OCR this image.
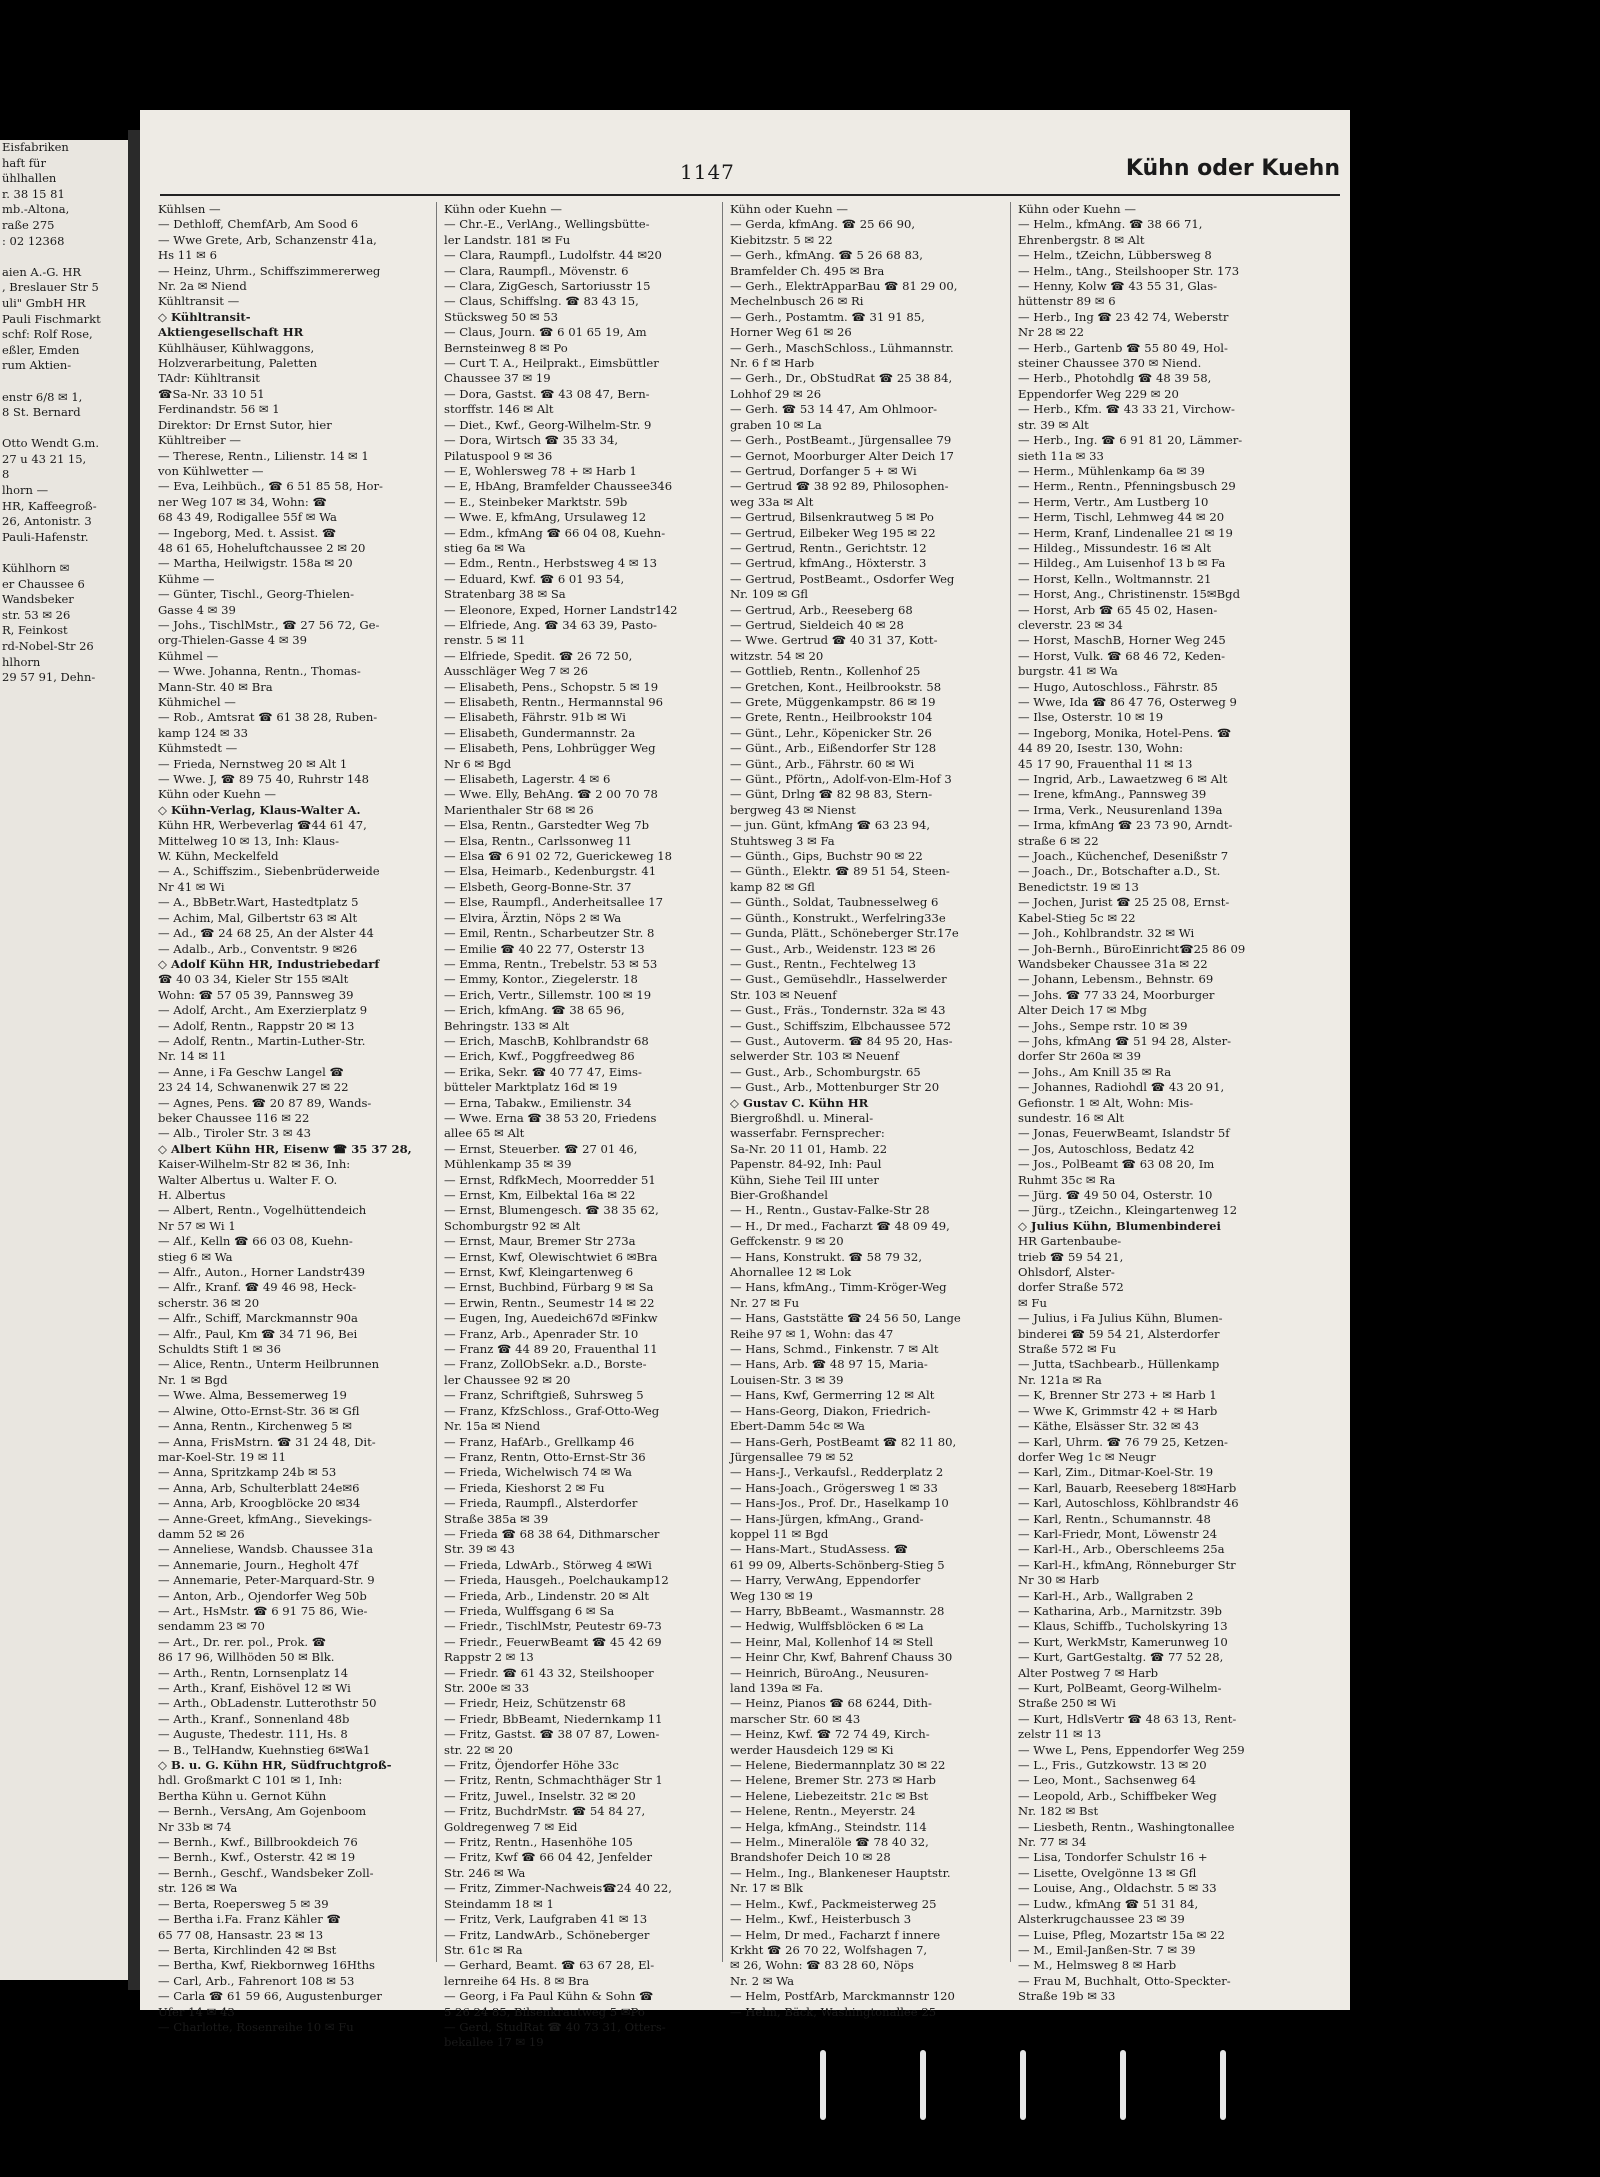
Eisfabriken
haft für
ühlhallen
r. 38 15 81
mb.-Altona,
raße 275
: 02 12368

aien A.-G. HR
, Breslauer Str 5
uli" GmbH HR
Pauli Fischmarkt
schf: Rolf Rose,
eßler, Emden
rum Aktien-

enstr 6/8 ✉ 1,
8 St. Bernard

Otto Wendt G.m.
27 u 43 21 15,
8
lhorn —
HR, Kaffeegroß-
26, Antonistr. 3
Pauli-Hafenstr.

Kühlhorn ✉
er Chaussee 6
Wandsbeker
str. 53 ✉ 26
R, Feinkost
rd-Nobel-Str 26
hlhorn
29 57 91, Dehn-
1147	Kühn oder Kuehn
Kühlsen —
— Dethloff, ChemfArb, Am Sood 6
— Wwe Grete, Arb, Schanzenstr 41a,
Hs 11 ✉ 6
— Heinz, Uhrm., Schiffszimmererweg
Nr. 2a ✉ Niend
Kühltransit —
◇ Kühltransit-
Aktiengesellschaft HR
Kühlhäuser, Kühlwaggons,
Holzverarbeitung, Paletten
TAdr: Kühltransit
☎Sa-Nr. 33 10 51
Ferdinandstr. 56 ✉ 1
Direktor: Dr Ernst Sutor, hier
Kühltreiber —
— Therese, Rentn., Lilienstr. 14 ✉ 1
von Kühlwetter —
— Eva, Leihbüch., ☎ 6 51 85 58, Hor-
ner Weg 107 ✉ 34, Wohn: ☎
68 43 49, Rodigallee 55f ✉ Wa
— Ingeborg, Med. t. Assist. ☎
48 61 65, Hoheluftchaussee 2 ✉ 20
— Martha, Heilwigstr. 158a ✉ 20
Kühme —
— Günter, Tischl., Georg-Thielen-
Gasse 4 ✉ 39
— Johs., TischlMstr., ☎ 27 56 72, Ge-
org-Thielen-Gasse 4 ✉ 39
Kühmel —
— Wwe. Johanna, Rentn., Thomas-
Mann-Str. 40 ✉ Bra
Kühmichel —
— Rob., Amtsrat ☎ 61 38 28, Ruben-
kamp 124 ✉ 33
Kühmstedt —
— Frieda, Nernstweg 20 ✉ Alt 1
— Wwe. J, ☎ 89 75 40, Ruhrstr 148
Kühn oder Kuehn —
◇ Kühn-Verlag, Klaus-Walter A.
Kühn HR, Werbeverlag ☎44 61 47,
Mittelweg 10 ✉ 13, Inh: Klaus-
W. Kühn, Meckelfeld
— A., Schiffszim., Siebenbrüderweide
Nr 41 ✉ Wi
— A., BbBetr.Wart, Hastedtplatz 5
— Achim, Mal, Gilbertstr 63 ✉ Alt
— Ad., ☎ 24 68 25, An der Alster 44
— Adalb., Arb., Conventstr. 9 ✉26
◇ Adolf Kühn HR, Industriebedarf
☎ 40 03 34, Kieler Str 155 ✉Alt
Wohn: ☎ 57 05 39, Pannsweg 39
— Adolf, Archt., Am Exerzierplatz 9
— Adolf, Rentn., Rappstr 20 ✉ 13
— Adolf, Rentn., Martin-Luther-Str.
Nr. 14 ✉ 11
— Anne, i Fa Geschw Langel ☎
23 24 14, Schwanenwik 27 ✉ 22
— Agnes, Pens. ☎ 20 87 89, Wands-
beker Chaussee 116 ✉ 22
— Alb., Tiroler Str. 3 ✉ 43
◇ Albert Kühn HR, Eisenw ☎ 35 37 28,
Kaiser-Wilhelm-Str 82 ✉ 36, Inh:
Walter Albertus u. Walter F. O.
H. Albertus
— Albert, Rentn., Vogelhüttendeich
Nr 57 ✉ Wi 1
— Alf., Kelln ☎ 66 03 08, Kuehn-
stieg 6 ✉ Wa
— Alfr., Auton., Horner Landstr439
— Alfr., Kranf. ☎ 49 46 98, Heck-
scherstr. 36 ✉ 20
— Alfr., Schiff, Marckmannstr 90a
— Alfr., Paul, Km ☎ 34 71 96, Bei
Schuldts Stift 1 ✉ 36
— Alice, Rentn., Unterm Heilbrunnen
Nr. 1 ✉ Bgd
— Wwe. Alma, Bessemerweg 19
— Alwine, Otto-Ernst-Str. 36 ✉ Gfl
— Anna, Rentn., Kirchenweg 5 ✉
— Anna, FrisMstrn. ☎ 31 24 48, Dit-
mar-Koel-Str. 19 ✉ 11
— Anna, Spritzkamp 24b ✉ 53
— Anna, Arb, Schulterblatt 24e✉6
— Anna, Arb, Kroogblöcke 20 ✉34
— Anne-Greet, kfmAng., Sievekings-
damm 52 ✉ 26
— Anneliese, Wandsb. Chaussee 31a
— Annemarie, Journ., Hegholt 47f
— Annemarie, Peter-Marquard-Str. 9
— Anton, Arb., Ojendorfer Weg 50b
— Art., HsMstr. ☎ 6 91 75 86, Wie-
sendamm 23 ✉ 70
— Art., Dr. rer. pol., Prok. ☎
86 17 96, Willhöden 50 ✉ Blk.
— Arth., Rentn, Lornsenplatz 14
— Arth., Kranf, Eishövel 12 ✉ Wi
— Arth., ObLadenstr. Lutterothstr 50
— Arth., Kranf., Sonnenland 48b
— Auguste, Thedestr. 111, Hs. 8
— B., TelHandw, Kuehnstieg 6✉Wa1
◇ B. u. G. Kühn HR, Südfruchtgroß-
hdl. Großmarkt C 101 ✉ 1, Inh:
Bertha Kühn u. Gernot Kühn
— Bernh., VersAng, Am Gojenboom
Nr 33b ✉ 74
— Bernh., Kwf., Billbrookdeich 76
— Bernh., Kwf., Osterstr. 42 ✉ 19
— Bernh., Geschf., Wandsbeker Zoll-
str. 126 ✉ Wa
— Berta, Roepersweg 5 ✉ 39
— Bertha i.Fa. Franz Kähler ☎
65 77 08, Hansastr. 23 ✉ 13
— Berta, Kirchlinden 42 ✉ Bst
— Bertha, Kwf, Riekbornweg 16Hths
— Carl, Arb., Fahrenort 108 ✉ 53
— Carla ☎ 61 59 66, Augustenburger
Ufer 14 ✉ 43
— Charlotte, Rosenreihe 10 ✉ Fu
Kühn oder Kuehn —
— Chr.-E., VerlAng., Wellingsbütte-
ler Landstr. 181 ✉ Fu
— Clara, Raumpfl., Ludolfstr. 44 ✉20
— Clara, Raumpfl., Mövenstr. 6
— Clara, ZigGesch, Sartoriusstr 15
— Claus, Schiffslng. ☎ 83 43 15,
Stücksweg 50 ✉ 53
— Claus, Journ. ☎ 6 01 65 19, Am
Bernsteinweg 8 ✉ Po
— Curt T. A., Heilprakt., Eimsbüttler
Chaussee 37 ✉ 19
— Dora, Gastst. ☎ 43 08 47, Bern-
storffstr. 146 ✉ Alt
— Diet., Kwf., Georg-Wilhelm-Str. 9
— Dora, Wirtsch ☎ 35 33 34,
Pilatuspool 9 ✉ 36
— E, Wohlersweg 78 + ✉ Harb 1
— E, HbAng, Bramfelder Chaussee346
— E., Steinbeker Marktstr. 59b
— Wwe. E, kfmAng, Ursulaweg 12
— Edm., kfmAng ☎ 66 04 08, Kuehn-
stieg 6a ✉ Wa
— Edm., Rentn., Herbstsweg 4 ✉ 13
— Eduard, Kwf. ☎ 6 01 93 54,
Stratenbarg 38 ✉ Sa
— Eleonore, Exped, Horner Landstr142
— Elfriede, Ang. ☎ 34 63 39, Pasto-
renstr. 5 ✉ 11
— Elfriede, Spedit. ☎ 26 72 50,
Ausschläger Weg 7 ✉ 26
— Elisabeth, Pens., Schopstr. 5 ✉ 19
— Elisabeth, Rentn., Hermannstal 96
— Elisabeth, Fährstr. 91b ✉ Wi
— Elisabeth, Gundermannstr. 2a
— Elisabeth, Pens, Lohbrügger Weg
Nr 6 ✉ Bgd
— Elisabeth, Lagerstr. 4 ✉ 6
— Wwe. Elly, BehAng. ☎ 2 00 70 78
Marienthaler Str 68 ✉ 26
— Elsa, Rentn., Garstedter Weg 7b
— Elsa, Rentn., Carlssonweg 11
— Elsa ☎ 6 91 02 72, Guerickeweg 18
— Elsa, Heimarb., Kedenburgstr. 41
— Elsbeth, Georg-Bonne-Str. 37
— Else, Raumpfl., Anderheitsallee 17
— Elvira, Ärztin, Nöps 2 ✉ Wa
— Emil, Rentn., Scharbeutzer Str. 8
— Emilie ☎ 40 22 77, Osterstr 13
— Emma, Rentn., Trebelstr. 53 ✉ 53
— Emmy, Kontor., Ziegelerstr. 18
— Erich, Vertr., Sillemstr. 100 ✉ 19
— Erich, kfmAng. ☎ 38 65 96,
Behringstr. 133 ✉ Alt
— Erich, MaschB, Kohlbrandstr 68
— Erich, Kwf., Poggfreedweg 86
— Erika, Sekr. ☎ 40 77 47, Eims-
bütteler Marktplatz 16d ✉ 19
— Erna, Tabakw., Emilienstr. 34
— Wwe. Erna ☎ 38 53 20, Friedens
allee 65 ✉ Alt
— Ernst, Steuerber. ☎ 27 01 46,
Mühlenkamp 35 ✉ 39
— Ernst, RdfkMech, Moorredder 51
— Ernst, Km, Eilbektal 16a ✉ 22
— Ernst, Blumengesch. ☎ 38 35 62,
Schomburgstr 92 ✉ Alt
— Ernst, Maur, Bremer Str 273a
— Ernst, Kwf, Olewischtwiet 6 ✉Bra
— Ernst, Kwf, Kleingartenweg 6
— Ernst, Buchbind, Fürbarg 9 ✉ Sa
— Erwin, Rentn., Seumestr 14 ✉ 22
— Eugen, Ing, Auedeich67d ✉Finkw
— Franz, Arb., Apenrader Str. 10
— Franz ☎ 44 89 20, Frauenthal 11
— Franz, ZollObSekr. a.D., Borste-
ler Chaussee 92 ✉ 20
— Franz, Schriftgieß, Suhrsweg 5
— Franz, KfzSchloss., Graf-Otto-Weg
Nr. 15a ✉ Niend
— Franz, HafArb., Grellkamp 46
— Franz, Rentn, Otto-Ernst-Str 36
— Frieda, Wichelwisch 74 ✉ Wa
— Frieda, Kieshorst 2 ✉ Fu
— Frieda, Raumpfl., Alsterdorfer
Straße 385a ✉ 39
— Frieda ☎ 68 38 64, Dithmarscher
Str. 39 ✉ 43
— Frieda, LdwArb., Störweg 4 ✉Wi
— Frieda, Hausgeh., Poelchaukamp12
— Frieda, Arb., Lindenstr. 20 ✉ Alt
— Frieda, Wulffsgang 6 ✉ Sa
— Friedr., TischlMstr, Peutestr 69-73
— Friedr., FeuerwBeamt ☎ 45 42 69
Rappstr 2 ✉ 13
— Friedr. ☎ 61 43 32, Steilshooper
Str. 200e ✉ 33
— Friedr, Heiz, Schützenstr 68
— Friedr, BbBeamt, Niedernkamp 11
— Fritz, Gastst. ☎ 38 07 87, Lowen-
str. 22 ✉ 20
— Fritz, Öjendorfer Höhe 33c
— Fritz, Rentn, Schmachthäger Str 1
— Fritz, Juwel., Inselstr. 32 ✉ 20
— Fritz, BuchdrMstr. ☎ 54 84 27,
Goldregenweg 7 ✉ Eid
— Fritz, Rentn., Hasenhöhe 105
— Fritz, Kwf ☎ 66 04 42, Jenfelder
Str. 246 ✉ Wa
— Fritz, Zimmer-Nachweis☎24 40 22,
Steindamm 18 ✉ 1
— Fritz, Verk, Laufgraben 41 ✉ 13
— Fritz, LandwArb., Schöneberger
Str. 61c ✉ Ra
— Gerhard, Beamt. ☎ 63 67 28, El-
lernreihe 64 Hs. 8 ✉ Bra
— Georg, i Fa Paul Kühn & Sohn ☎
5 26 24 85, Bilsenkrautweg 5 ✉Po
— Gerd, StudRat ☎ 40 73 31, Otters-
bekallee 17 ✉ 19
Kühn oder Kuehn —
— Gerda, kfmAng. ☎ 25 66 90,
Kiebitzstr. 5 ✉ 22
— Gerh., kfmAng. ☎ 5 26 68 83,
Bramfelder Ch. 495 ✉ Bra
— Gerh., ElektrApparBau ☎ 81 29 00,
Mechelnbusch 26 ✉ Ri
— Gerh., Postamtm. ☎ 31 91 85,
Horner Weg 61 ✉ 26
— Gerh., MaschSchloss., Lühmannstr.
Nr. 6 f ✉ Harb
— Gerh., Dr., ObStudRat ☎ 25 38 84,
Lohhof 29 ✉ 26
— Gerh. ☎ 53 14 47, Am Ohlmoor-
graben 10 ✉ La
— Gerh., PostBeamt., Jürgensallee 79
— Gernot, Moorburger Alter Deich 17
— Gertrud, Dorfanger 5 + ✉ Wi
— Gertrud ☎ 38 92 89, Philosophen-
weg 33a ✉ Alt
— Gertrud, Bilsenkrautweg 5 ✉ Po
— Gertrud, Eilbeker Weg 195 ✉ 22
— Gertrud, Rentn., Gerichtstr. 12
— Gertrud, kfmAng., Höxterstr. 3
— Gertrud, PostBeamt., Osdorfer Weg
Nr. 109 ✉ Gfl
— Gertrud, Arb., Reeseberg 68
— Gertrud, Sieldeich 40 ✉ 28
— Wwe. Gertrud ☎ 40 31 37, Kott-
witzstr. 54 ✉ 20
— Gottlieb, Rentn., Kollenhof 25
— Gretchen, Kont., Heilbrookstr. 58
— Grete, Müggenkampstr. 86 ✉ 19
— Grete, Rentn., Heilbrookstr 104
— Günt., Lehr., Köpenicker Str. 26
— Günt., Arb., Eißendorfer Str 128
— Günt., Arb., Fährstr. 60 ✉ Wi
— Günt., Pförtn,, Adolf-von-Elm-Hof 3
— Günt, Drlng ☎ 82 98 83, Stern-
bergweg 43 ✉ Nienst
— jun. Günt, kfmAng ☎ 63 23 94,
Stuhtsweg 3 ✉ Fa
— Günth., Gips, Buchstr 90 ✉ 22
— Günth., Elektr. ☎ 89 51 54, Steen-
kamp 82 ✉ Gfl
— Günth., Soldat, Taubnesselweg 6
— Günth., Konstrukt., Werfelring33e
— Gunda, Plätt., Schöneberger Str.17e
— Gust., Arb., Weidenstr. 123 ✉ 26
— Gust., Rentn., Fechtelweg 13
— Gust., Gemüsehdlr., Hasselwerder
Str. 103 ✉ Neuenf
— Gust., Fräs., Tondernstr. 32a ✉ 43
— Gust., Schiffszim, Elbchaussee 572
— Gust., Autoverm. ☎ 84 95 20, Has-
selwerder Str. 103 ✉ Neuenf
— Gust., Arb., Schomburgstr. 65
— Gust., Arb., Mottenburger Str 20
◇ Gustav C. Kühn HR
Biergroßhdl. u. Mineral-
wasserfabr. Fernsprecher:
Sa-Nr. 20 11 01, Hamb. 22
Papenstr. 84-92, Inh: Paul
Kühn, Siehe Teil III unter
Bier-Großhandel
— H., Rentn., Gustav-Falke-Str 28
— H., Dr med., Facharzt ☎ 48 09 49,
Geffckenstr. 9 ✉ 20
— Hans, Konstrukt. ☎ 58 79 32,
Ahornallee 12 ✉ Lok
— Hans, kfmAng., Timm-Kröger-Weg
Nr. 27 ✉ Fu
— Hans, Gaststätte ☎ 24 56 50, Lange
Reihe 97 ✉ 1, Wohn: das 47
— Hans, Schmd., Finkenstr. 7 ✉ Alt
— Hans, Arb. ☎ 48 97 15, Maria-
Louisen-Str. 3 ✉ 39
— Hans, Kwf, Germerring 12 ✉ Alt
— Hans-Georg, Diakon, Friedrich-
Ebert-Damm 54c ✉ Wa
— Hans-Gerh, PostBeamt ☎ 82 11 80,
Jürgensallee 79 ✉ 52
— Hans-J., Verkaufsl., Redderplatz 2
— Hans-Joach., Grögersweg 1 ✉ 33
— Hans-Jos., Prof. Dr., Haselkamp 10
— Hans-Jürgen, kfmAng., Grand-
koppel 11 ✉ Bgd
— Hans-Mart., StudAssess. ☎
61 99 09, Alberts-Schönberg-Stieg 5
— Harry, VerwAng, Eppendorfer
Weg 130 ✉ 19
— Harry, BbBeamt., Wasmannstr. 28
— Hedwig, Wulffsblöcken 6 ✉ La
— Heinr, Mal, Kollenhof 14 ✉ Stell
— Heinr Chr, Kwf, Bahrenf Chauss 30
— Heinrich, BüroAng., Neusuren-
land 139a ✉ Fa.
— Heinz, Pianos ☎ 68 6244, Dith-
marscher Str. 60 ✉ 43
— Heinz, Kwf. ☎ 72 74 49, Kirch-
werder Hausdeich 129 ✉ Ki
— Helene, Biedermannplatz 30 ✉ 22
— Helene, Bremer Str. 273 ✉ Harb
— Helene, Liebezeitstr. 21c ✉ Bst
— Helene, Rentn., Meyerstr. 24
— Helga, kfmAng., Steindstr. 114
— Helm., Mineralöle ☎ 78 40 32,
Brandshofer Deich 10 ✉ 28
— Helm., Ing., Blankeneser Hauptstr.
Nr. 17 ✉ Blk
— Helm., Kwf., Packmeisterweg 25
— Helm., Kwf., Heisterbusch 3
— Helm, Dr med., Facharzt f innere
Krkht ☎ 26 70 22, Wolfshagen 7,
✉ 26, Wohn: ☎ 83 28 60, Nöps
Nr. 2 ✉ Wa
— Helm, PostfArb, Marckmannstr 120
— Helm, Bäck, Washingtonallee 25
Kühn oder Kuehn —
— Helm., kfmAng. ☎ 38 66 71,
Ehrenbergstr. 8 ✉ Alt
— Helm., tZeichn, Lübbersweg 8
— Helm., tAng., Steilshooper Str. 173
— Henny, Kolw ☎ 43 55 31, Glas-
hüttenstr 89 ✉ 6
— Herb., Ing ☎ 23 42 74, Weberstr
Nr 28 ✉ 22
— Herb., Gartenb ☎ 55 80 49, Hol-
steiner Chaussee 370 ✉ Niend.
— Herb., Photohdlg ☎ 48 39 58,
Eppendorfer Weg 229 ✉ 20
— Herb., Kfm. ☎ 43 33 21, Virchow-
str. 39 ✉ Alt
— Herb., Ing. ☎ 6 91 81 20, Lämmer-
sieth 11a ✉ 33
— Herm., Mühlenkamp 6a ✉ 39
— Herm., Rentn., Pfenningsbusch 29
— Herm, Vertr., Am Lustberg 10
— Herm, Tischl, Lehmweg 44 ✉ 20
— Herm, Kranf, Lindenallee 21 ✉ 19
— Hildeg., Missundestr. 16 ✉ Alt
— Hildeg., Am Luisenhof 13 b ✉ Fa
— Horst, Kelln., Woltmannstr. 21
— Horst, Ang., Christinenstr. 15✉Bgd
— Horst, Arb ☎ 65 45 02, Hasen-
cleverstr. 23 ✉ 34
— Horst, MaschB, Horner Weg 245
— Horst, Vulk. ☎ 68 46 72, Keden-
burgstr. 41 ✉ Wa
— Hugo, Autoschloss., Fährstr. 85
— Wwe, Ida ☎ 86 47 76, Osterweg 9
— Ilse, Osterstr. 10 ✉ 19
— Ingeborg, Monika, Hotel-Pens. ☎
44 89 20, Isestr. 130, Wohn:
45 17 90, Frauenthal 11 ✉ 13
— Ingrid, Arb., Lawaetzweg 6 ✉ Alt
— Irene, kfmAng., Pannsweg 39
— Irma, Verk., Neusurenland 139a
— Irma, kfmAng ☎ 23 73 90, Arndt-
straße 6 ✉ 22
— Joach., Küchenchef, Desenißstr 7
— Joach., Dr., Botschafter a.D., St.
Benedictstr. 19 ✉ 13
— Jochen, Jurist ☎ 25 25 08, Ernst-
Kabel-Stieg 5c ✉ 22
— Joh., Kohlbrandstr. 32 ✉ Wi
— Joh-Bernh., BüroEinricht☎25 86 09
Wandsbeker Chaussee 31a ✉ 22
— Johann, Lebensm., Behnstr. 69
— Johs. ☎ 77 33 24, Moorburger
Alter Deich 17 ✉ Mbg
— Johs., Sempe rstr. 10 ✉ 39
— Johs, kfmAng ☎ 51 94 28, Alster-
dorfer Str 260a ✉ 39
— Johs., Am Knill 35 ✉ Ra
— Johannes, Radiohdl ☎ 43 20 91,
Gefionstr. 1 ✉ Alt, Wohn: Mis-
sundestr. 16 ✉ Alt
— Jonas, FeuerwBeamt, Islandstr 5f
— Jos, Autoschloss, Bedatz 42
— Jos., PolBeamt ☎ 63 08 20, Im
Ruhmt 35c ✉ Ra
— Jürg. ☎ 49 50 04, Osterstr. 10
— Jürg., tZeichn., Kleingartenweg 12
◇ Julius Kühn, Blumenbinderei
HR Gartenbaube-
trieb ☎ 59 54 21,
Ohlsdorf, Alster-
dorfer Straße 572
✉ Fu
— Julius, i Fa Julius Kühn, Blumen-
binderei ☎ 59 54 21, Alsterdorfer
Straße 572 ✉ Fu
— Jutta, tSachbearb., Hüllenkamp
Nr. 121a ✉ Ra
— K, Brenner Str 273 + ✉ Harb 1
— Wwe K, Grimmstr 42 + ✉ Harb
— Käthe, Elsässer Str. 32 ✉ 43
— Karl, Uhrm. ☎ 76 79 25, Ketzen-
dorfer Weg 1c ✉ Neugr
— Karl, Zim., Ditmar-Koel-Str. 19
— Karl, Bauarb, Reeseberg 18✉Harb
— Karl, Autoschloss, Köhlbrandstr 46
— Karl, Rentn., Schumannstr. 48
— Karl-Friedr, Mont, Löwenstr 24
— Karl-H., Arb., Oberschleems 25a
— Karl-H., kfmAng, Rönneburger Str
Nr 30 ✉ Harb
— Karl-H., Arb., Wallgraben 2
— Katharina, Arb., Marnitzstr. 39b
— Klaus, Schiffb., Tucholskyring 13
— Kurt, WerkMstr, Kamerunweg 10
— Kurt, GartGestaltg. ☎ 77 52 28,
Alter Postweg 7 ✉ Harb
— Kurt, PolBeamt, Georg-Wilhelm-
Straße 250 ✉ Wi
— Kurt, HdlsVertr ☎ 48 63 13, Rent-
zelstr 11 ✉ 13
— Wwe L, Pens, Eppendorfer Weg 259
— L., Fris., Gutzkowstr. 13 ✉ 20
— Leo, Mont., Sachsenweg 64
— Leopold, Arb., Schiffbeker Weg
Nr. 182 ✉ Bst
— Liesbeth, Rentn., Washingtonallee
Nr. 77 ✉ 34
— Lisa, Tondorfer Schulstr 16 +
— Lisette, Ovelgönne 13 ✉ Gfl
— Louise, Ang., Oldachstr. 5 ✉ 33
— Ludw., kfmAng ☎ 51 31 84,
Alsterkrugchaussee 23 ✉ 39
— Luise, Pfleg, Mozartstr 15a ✉ 22
— M., Emil-Janßen-Str. 7 ✉ 39
— M., Helmsweg 8 ✉ Harb
— Frau M, Buchhalt, Otto-Speckter-
Straße 19b ✉ 33
